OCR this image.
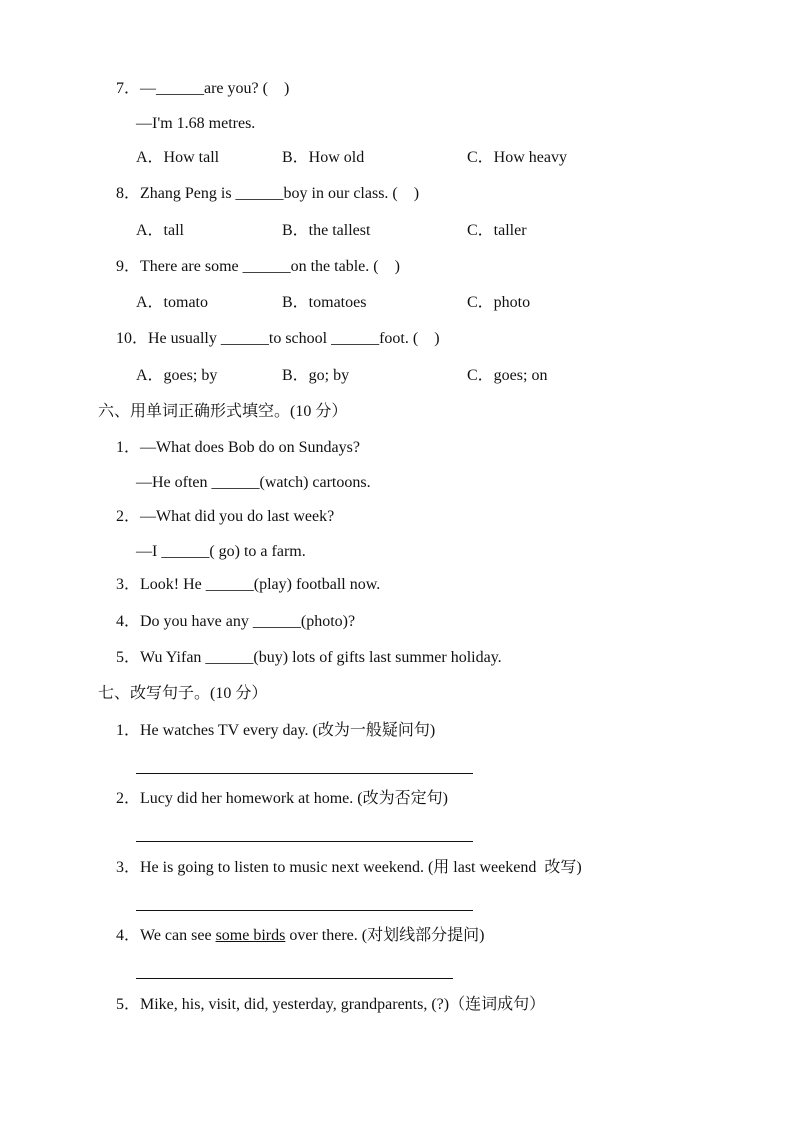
7．—______are you? (    )
—I'm 1.68 metres.
A．How tall	B．How old	C．How heavy
8．Zhang Peng is ______boy in our class. (    )
A．tall	B．the tallest	C．taller
9．There are some ______on the table. (    )
A．tomato	B．tomatoes	C．photo
10．He usually ______to school ______foot. (    )
A．goes; by	B．go; by	C．goes; on
六、用单词正确形式填空。(10 分）
1．—What does Bob do on Sundays?
—He often ______(watch) cartoons.
2．—What did you do last week?
—I ______( go) to a farm.
3．Look! He ______(play) football now.
4．Do you have any ______(photo)?
5．Wu Yifan ______(buy) lots of gifts last summer holiday.
七、改写句子。(10 分）
1．He watches TV every day. (改为一般疑问句)
2．Lucy did her homework at home. (改为否定句)
3．He is going to listen to music next weekend. (用 last weekend  改写)
4．We can see some birds over there. (对划线部分提问)
5．Mike, his, visit, did, yesterday, grandparents, (?)（连词成句）
